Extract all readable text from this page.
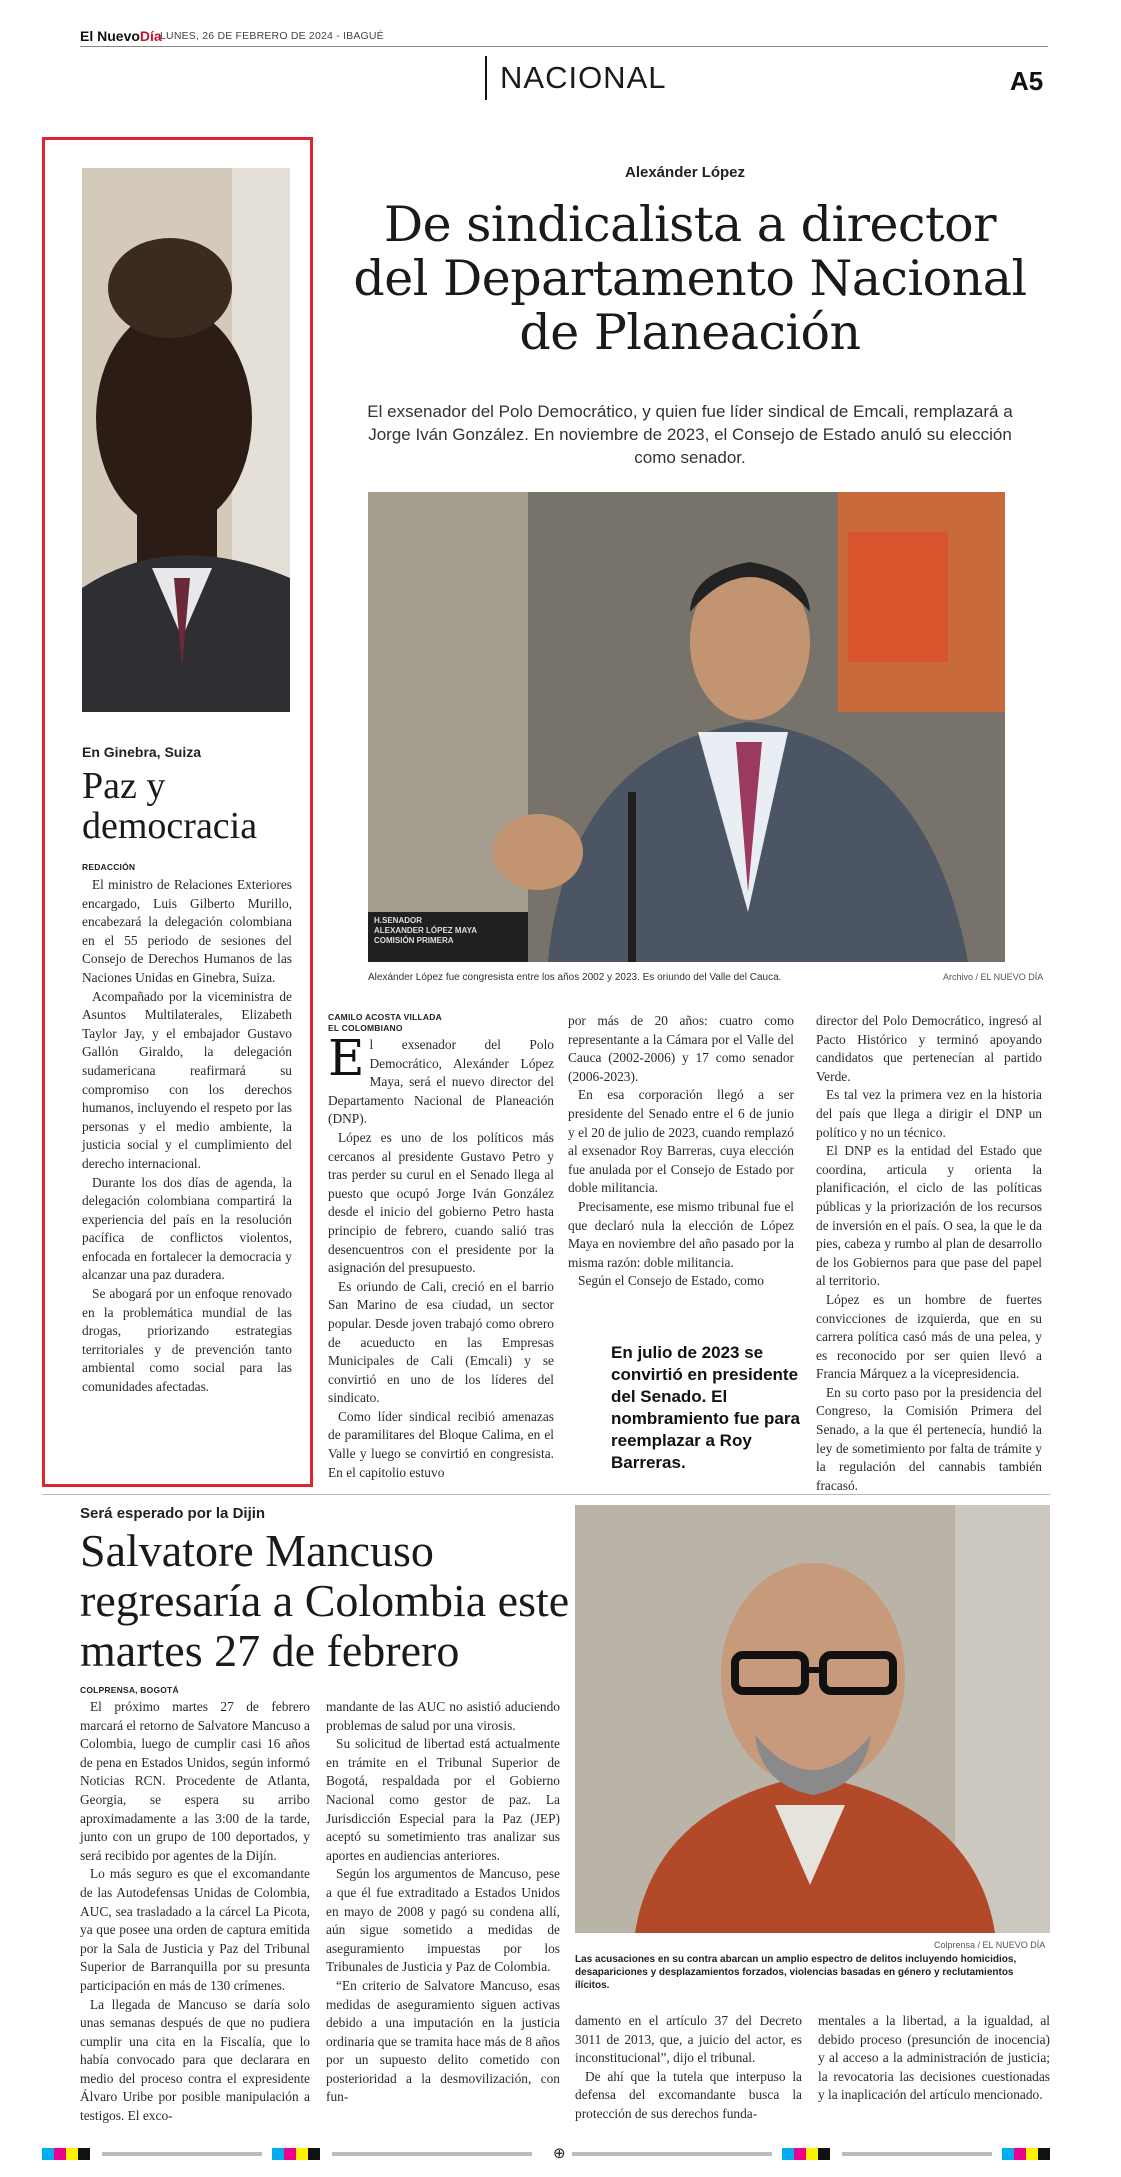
El NuevoDía
LUNES, 26 DE FEBRERO DE 2024 - IBAGUÉ
NACIONAL	A5
En Ginebra, Suiza
Paz y democracia
REDACCIÓN

El ministro de Relaciones Exteriores encargado, Luis Gilberto Murillo, encabezará la delegación colombiana en el 55 periodo de sesiones del Consejo de Derechos Humanos de las Naciones Unidas en Ginebra, Suiza.

Acompañado por la viceministra de Asuntos Multilaterales, Elizabeth Taylor Jay, y el embajador Gustavo Gallón Giraldo, la delegación sudamericana reafirmará su compromiso con los derechos humanos, incluyendo el respeto por las personas y el medio ambiente, la justicia social y el cumplimiento del derecho internacional.

Durante los dos días de agenda, la delegación colombiana compartirá la experiencia del país en la resolución pacífica de conflictos violentos, enfocada en fortalecer la democracia y alcanzar una paz duradera.

Se abogará por un enfoque renovado en la problemática mundial de las drogas, priorizando estrategias territoriales y de prevención tanto ambiental como social para las comunidades afectadas.

Alexánder López
De sindicalista a director del Departamento Nacional de Planeación
El exsenador del Polo Democrático, y quien fue líder sindical de Emcali, remplazará a Jorge Iván González. En noviembre de 2023, el Consejo de Estado anuló su elección como senador.
H.SENADOR
ALEXANDER LÓPEZ MAYA
COMISIÓN PRIMERA
Alexánder López fue congresista entre los años 2002 y 2023. Es oriundo del Valle del Cauca.	Archivo / EL NUEVO DÍA
CAMILO ACOSTA VILLADA
EL COLOMBIANO

El exsenador del Polo Democrático, Alexánder López Maya, será el nuevo director del Departamento Nacional de Planeación (DNP).

López es uno de los políticos más cercanos al presidente Gustavo Petro y tras perder su curul en el Senado llega al puesto que ocupó Jorge Iván González desde el inicio del gobierno Petro hasta principio de febrero, cuando salió tras desencuentros con el presidente por la asignación del presupuesto.

Es oriundo de Cali, creció en el barrio San Marino de esa ciudad, un sector popular. Desde joven trabajó como obrero de acueducto en las Empresas Municipales de Cali (Emcali) y se convirtió en uno de los líderes del sindicato.

Como líder sindical recibió amenazas de paramilitares del Bloque Calima, en el Valle y luego se convirtió en congresista. En el capitolio estuvo

por más de 20 años: cuatro como representante a la Cámara por el Valle del Cauca (2002-2006) y 17 como senador (2006-2023).

En esa corporación llegó a ser presidente del Senado entre el 6 de junio y el 20 de julio de 2023, cuando remplazó al exsenador Roy Barreras, cuya elección fue anulada por el Consejo de Estado por doble militancia.

Precisamente, ese mismo tribunal fue el que declaró nula la elección de López Maya en noviembre del año pasado por la misma razón: doble militancia.

Según el Consejo de Estado, como

En julio de 2023 se convirtió en presidente del Senado. El nombramiento fue para reemplazar a Roy Barreras.

director del Polo Democrático, ingresó al Pacto Histórico y terminó apoyando candidatos que pertenecían al partido Verde.

Es tal vez la primera vez en la historia del país que llega a dirigir el DNP un político y no un técnico.

El DNP es la entidad del Estado que coordina, articula y orienta la planificación, el ciclo de las políticas públicas y la priorización de los recursos de inversión en el país. O sea, la que le da pies, cabeza y rumbo al plan de desarrollo de los Gobiernos para que pase del papel al territorio.

López es un hombre de fuertes convicciones de izquierda, que en su carrera política casó más de una pelea, y es reconocido por ser quien llevó a Francia Márquez a la vicepresidencia.

En su corto paso por la presidencia del Congreso, la Comisión Primera del Senado, a la que él pertenecía, hundió la ley de sometimiento por falta de trámite y la regulación del cannabis también fracasó.

Será esperado por la Dijin
Salvatore Mancuso regresaría a Colombia este martes 27 de febrero
COLPRENSA, BOGOTÁ

El próximo martes 27 de febrero marcará el retorno de Salvatore Mancuso a Colombia, luego de cumplir casi 16 años de pena en Estados Unidos, según informó Noticias RCN. Procedente de Atlanta, Georgia, se espera su arribo aproximadamente a las 3:00 de la tarde, junto con un grupo de 100 deportados, y será recibido por agentes de la Dijín.

Lo más seguro es que el excomandante de las Autodefensas Unidas de Colombia, AUC, sea trasladado a la cárcel La Picota, ya que posee una orden de captura emitida por la Sala de Justicia y Paz del Tribunal Superior de Barranquilla por su presunta participación en más de 130 crímenes.

La llegada de Mancuso se daría solo unas semanas después de que no pudiera cumplir una cita en la Fiscalía, que lo había convocado para que declarara en medio del proceso contra el expresidente Álvaro Uribe por posible manipulación a testigos. El exco-

mandante de las AUC no asistió aduciendo problemas de salud por una virosis.

Su solicitud de libertad está actualmente en trámite en el Tribunal Superior de Bogotá, respaldada por el Gobierno Nacional como gestor de paz. La Jurisdicción Especial para la Paz (JEP) aceptó su sometimiento tras analizar sus aportes en audiencias anteriores.

Según los argumentos de Mancuso, pese a que él fue extraditado a Estados Unidos en mayo de 2008 y pagó su condena allí, aún sigue sometido a medidas de aseguramiento impuestas por los Tribunales de Justicia y Paz de Colombia.

“En criterio de Salvatore Mancuso, esas medidas de aseguramiento siguen activas debido a una imputación en la justicia ordinaria que se tramita hace más de 8 años por un supuesto delito cometido con posterioridad a la desmovilización, con fun-

Colprensa / EL NUEVO DÍA
Las acusaciones en su contra abarcan un amplio espectro de delitos incluyendo homicidios, desapariciones y desplazamientos forzados, violencias basadas en género y reclutamientos ilícitos.

damento en el artículo 37 del Decreto 3011 de 2013, que, a juicio del actor, es inconstitucional”, dijo el tribunal.

De ahí que la tutela que interpuso la defensa del excomandante busca la protección de sus derechos funda-

mentales a la libertad, a la igualdad, al debido proceso (presunción de inocencia) y al acceso a la administración de justicia; la revocatoria las decisiones cuestionadas y la inaplicación del artículo mencionado.

⊕
